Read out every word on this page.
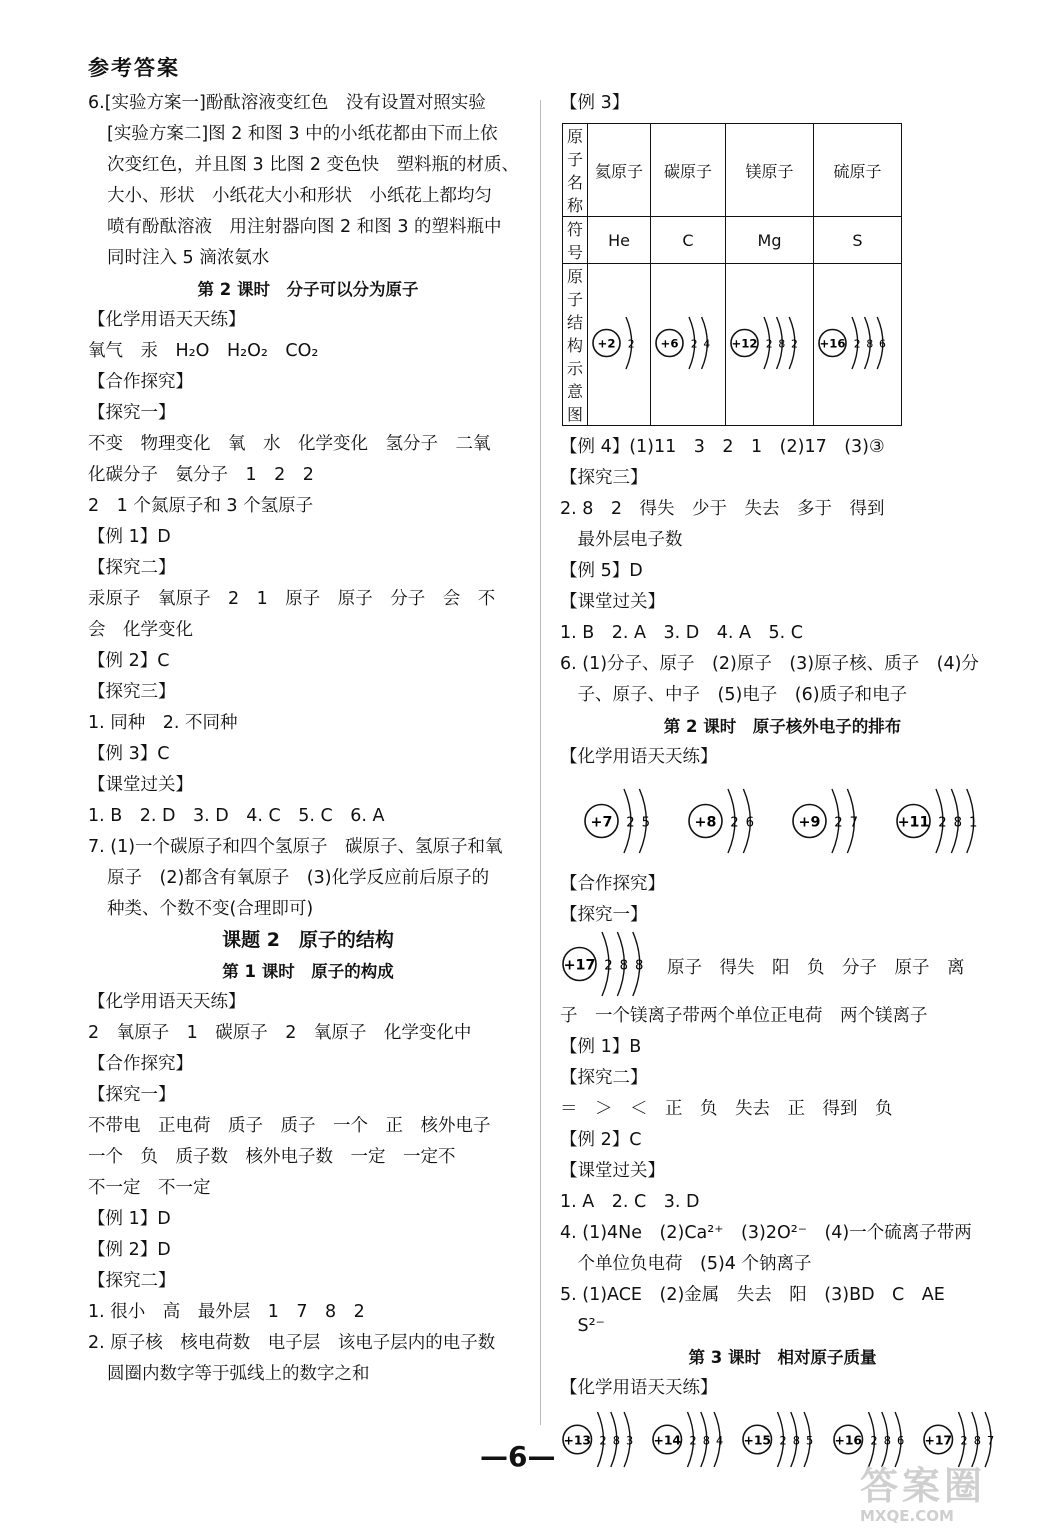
参考答案
6.[实验方案一]酚酞溶液变红色　没有设置对照实验
[实验方案二]图 2 和图 3 中的小纸花都由下而上依
次变红色，并且图 3 比图 2 变色快　塑料瓶的材质、
大小、形状　小纸花大小和形状　小纸花上都均匀
喷有酚酞溶液　用注射器向图 2 和图 3 的塑料瓶中
同时注入 5 滴浓氨水
第 2 课时　分子可以分为原子
【化学用语天天练】
氧气　汞　H₂O　H₂O₂　CO₂
【合作探究】
【探究一】
不变　物理变化　氧　水　化学变化　氢分子　二氧
化碳分子　氨分子　1　2　2
2　1 个氮原子和 3 个氢原子
【例 1】D
【探究二】
汞原子　氧原子　2　1　原子　原子　分子　会　不
会　化学变化
【例 2】C
【探究三】
1. 同种　2. 不同种
【例 3】C
【课堂过关】
1. B　2. D　3. D　4. C　5. C　6. A
7. (1)一个碳原子和四个氢原子　碳原子、氢原子和氧
原子　(2)都含有氧原子　(3)化学反应前后原子的
种类、个数不变(合理即可)
课题 2　原子的结构
第 1 课时　原子的构成
【化学用语天天练】
2　氧原子　1　碳原子　2　氧原子　化学变化中
【合作探究】
【探究一】
不带电　正电荷　质子　质子　一个　正　核外电子
一个　负　质子数　核外电子数　一定　一定不
不一定　不一定
【例 1】D
【例 2】D
【探究二】
1. 很小　高　最外层　1　7　8　2
2. 原子核　核电荷数　电子层　该电子层内的电子数
圆圈内数字等于弧线上的数字之和
【例 3】
原子名称	氦原子	碳原子	镁原子	硫原子
符号	He	C	Mg	S
原子结构示意图	+2 2	+6 2 4	+12 2 8 2	+16 2 8 6
【例 4】(1)11　3　2　1　(2)17　(3)③
【探究三】
2. 8　2　得失　少于　失去　多于　得到
　最外层电子数
【例 5】D
【课堂过关】
1. B　2. A　3. D　4. A　5. C
6. (1)分子、原子　(2)原子　(3)原子核、质子　(4)分
　子、原子、中子　(5)电子　(6)质子和电子
第 2 课时　原子核外电子的排布
【化学用语天天练】
+7 2 5	+8 2 6	+9 2 7	+11 2 8 1
【合作探究】
【探究一】
+17 2 8 8 原子　得失　阳　负　分子　原子　离
子　一个镁离子带两个单位正电荷　两个镁离子
【例 1】B
【探究二】
＝　＞　＜　正　负　失去　正　得到　负
【例 2】C
【课堂过关】
1. A　2. C　3. D
4. (1)4Ne　(2)Ca²⁺　(3)2O²⁻　(4)一个硫离子带两
　个单位负电荷　(5)4 个钠离子
5. (1)ACE　(2)金属　失去　阳　(3)BD　C　AE
　S²⁻
第 3 课时　相对原子质量
【化学用语天天练】
+13 2 8 3 +14 2 8 4 +15 2 8 5 +16 2 8 6 +17 2 8 7
—6—
答案圈
MXQE.COM
